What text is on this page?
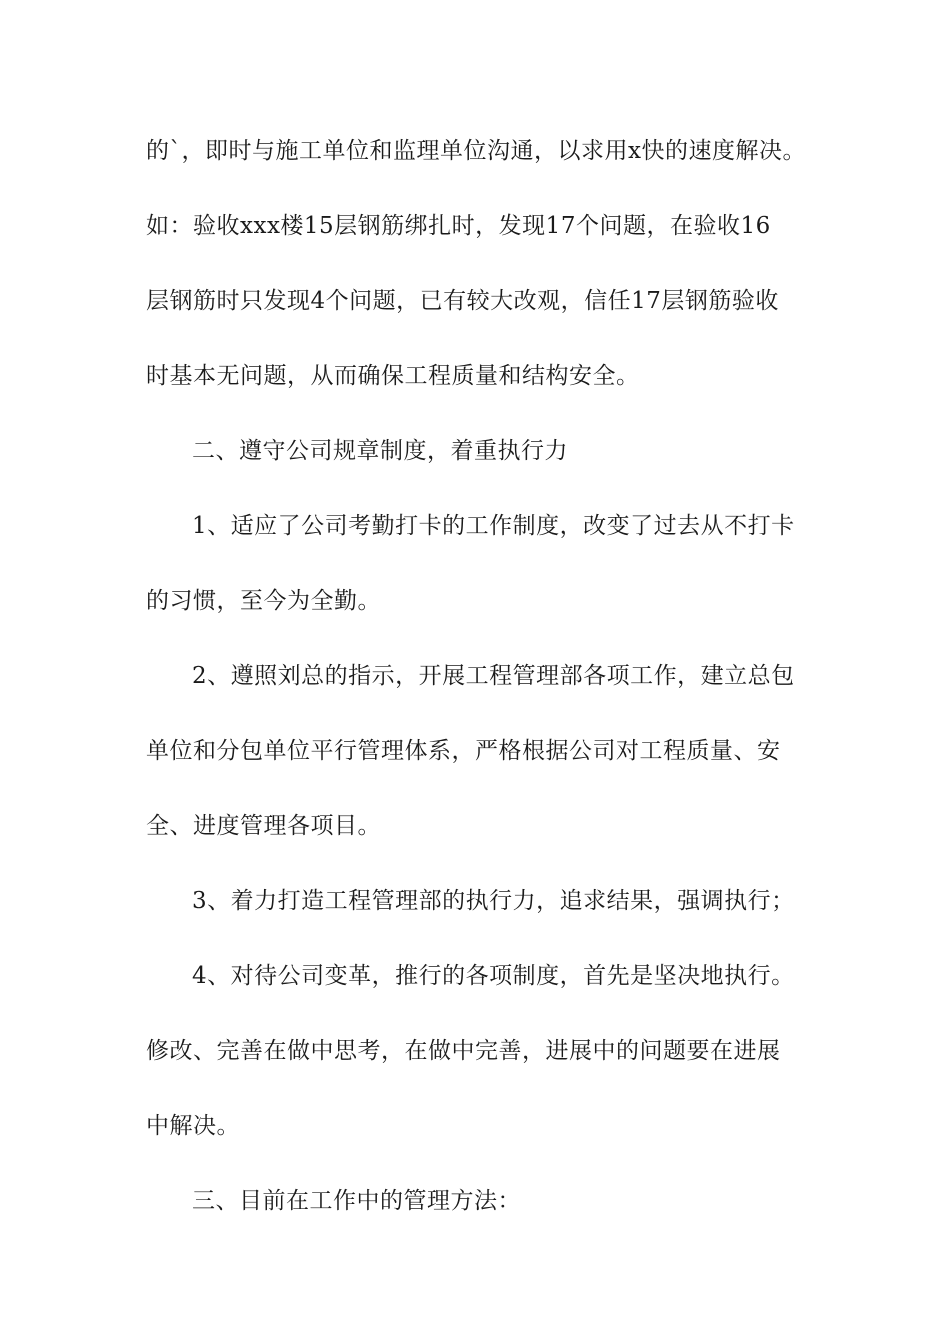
的`，即时与施工单位和监理单位沟通，以求用x快的速度解决。
如：验收xxx楼15层钢筋绑扎时，发现17个问题，在验收16
层钢筋时只发现4个问题，已有较大改观，信任17层钢筋验收
时基本无问题，从而确保工程质量和结构安全。
二、遵守公司规章制度，着重执行力
1、适应了公司考勤打卡的工作制度，改变了过去从不打卡
的习惯，至今为全勤。
2、遵照刘总的指示，开展工程管理部各项工作，建立总包
单位和分包单位平行管理体系，严格根据公司对工程质量、安
全、进度管理各项目。
3、着力打造工程管理部的执行力，追求结果，强调执行；
4、对待公司变革，推行的各项制度，首先是坚决地执行。
修改、完善在做中思考，在做中完善，进展中的问题要在进展
中解决。
三、目前在工作中的管理方法：
